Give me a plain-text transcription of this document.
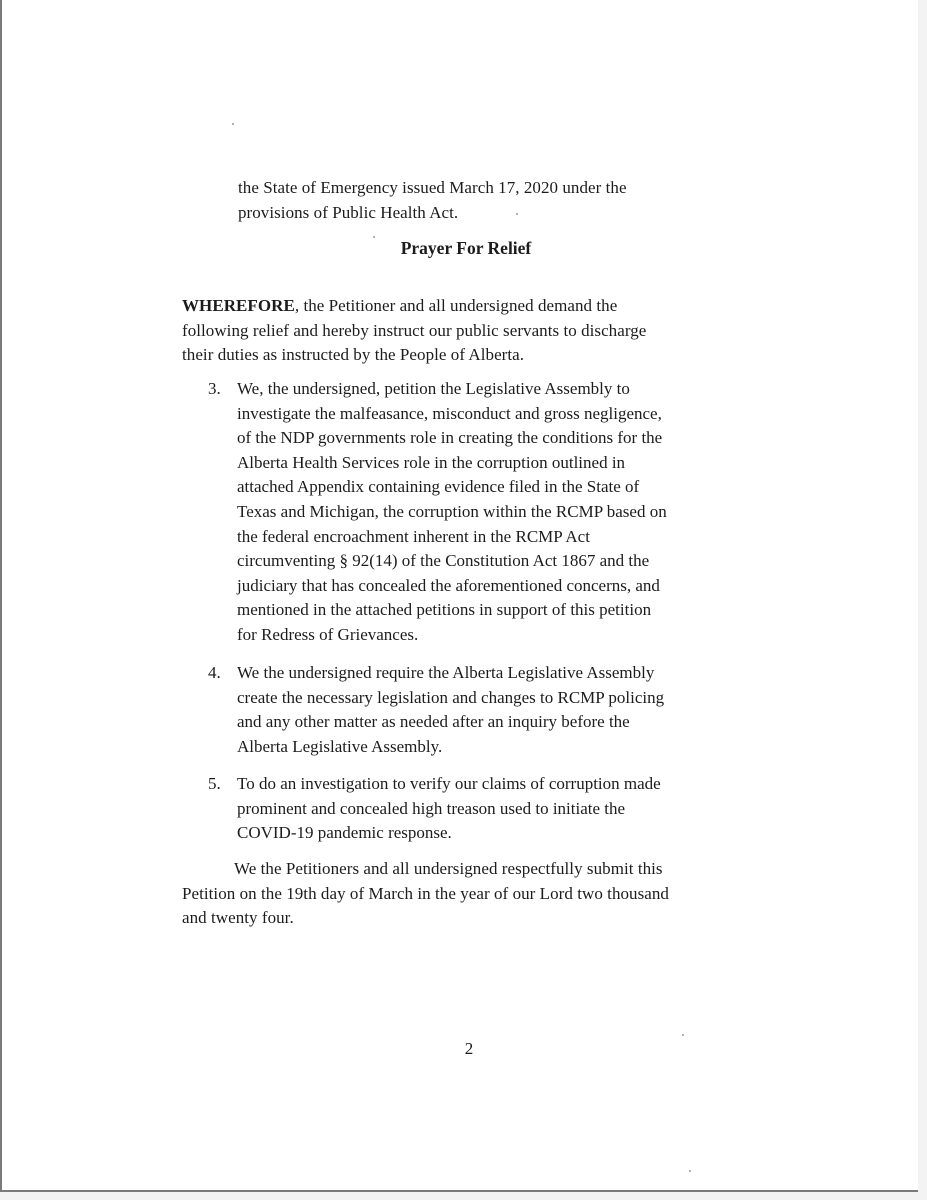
the State of Emergency issued March 17, 2020 under the
provisions of Public Health Act.
Prayer For Relief
WHEREFORE, the Petitioner and all undersigned demand the
following relief and hereby instruct our public servants to discharge
their duties as instructed by the People of Alberta.
3. We, the undersigned, petition the Legislative Assembly to
investigate the malfeasance, misconduct and gross negligence,
of the NDP governments role in creating the conditions for the
Alberta Health Services role in the corruption outlined in
attached Appendix containing evidence filed in the State of
Texas and Michigan, the corruption within the RCMP based on
the federal encroachment inherent in the RCMP Act
circumventing § 92(14) of the Constitution Act 1867 and the
judiciary that has concealed the aforementioned concerns, and
mentioned in the attached petitions in support of this petition
for Redress of Grievances.
4. We the undersigned require the Alberta Legislative Assembly
create the necessary legislation and changes to RCMP policing
and any other matter as needed after an inquiry before the
Alberta Legislative Assembly.
5. To do an investigation to verify our claims of corruption made
prominent and concealed high treason used to initiate the
COVID-19 pandemic response.
We the Petitioners and all undersigned respectfully submit this
Petition on the 19th day of March in the year of our Lord two thousand
and twenty four.
2
